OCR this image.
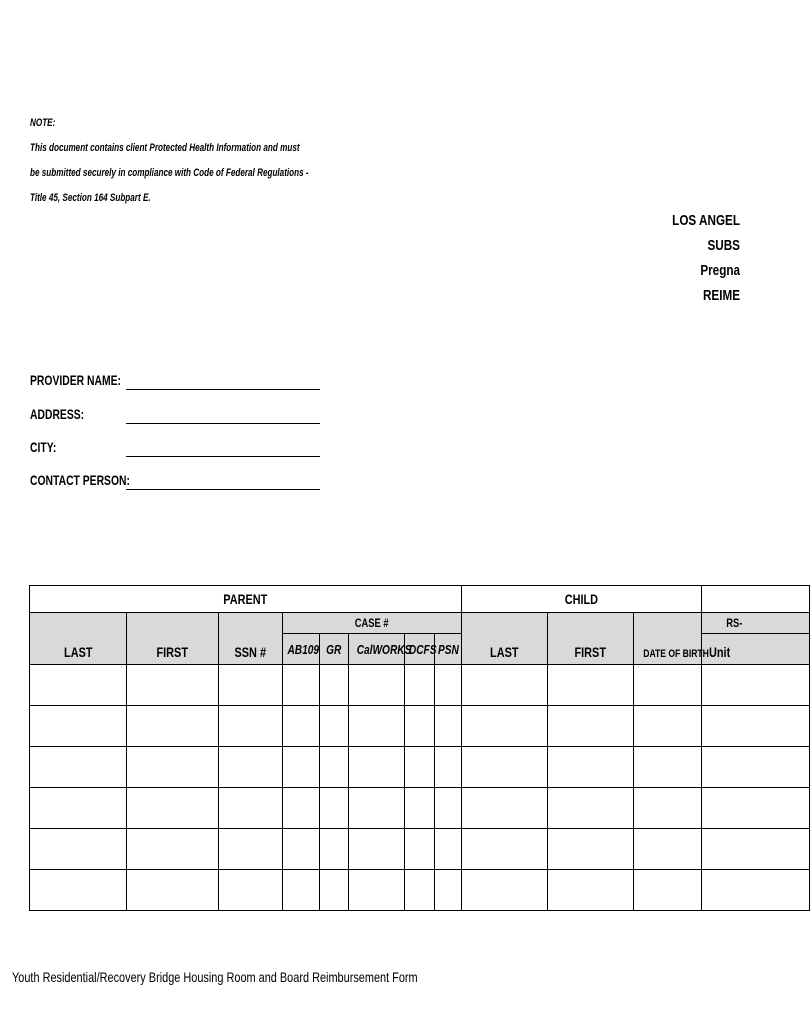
NOTE:
This document contains client Protected Health Information and must
be submitted securely in compliance with Code of Federal Regulations -
Title 45, Section 164 Subpart E.
LOS ANGEL
SUBS
Pregna
REIME
PROVIDER NAME:
ADDRESS:
CITY:
CONTACT PERSON:
PARENT								CHILD			
LAST	FIRST	SSN #	CASE #					LAST	FIRST	DATE OF BIRTH	RS-
			AB109	GR	CalWORKS	DCFS	PSN				Unit

Youth Residential/Recovery Bridge Housing Room and Board Reimbursement Form
